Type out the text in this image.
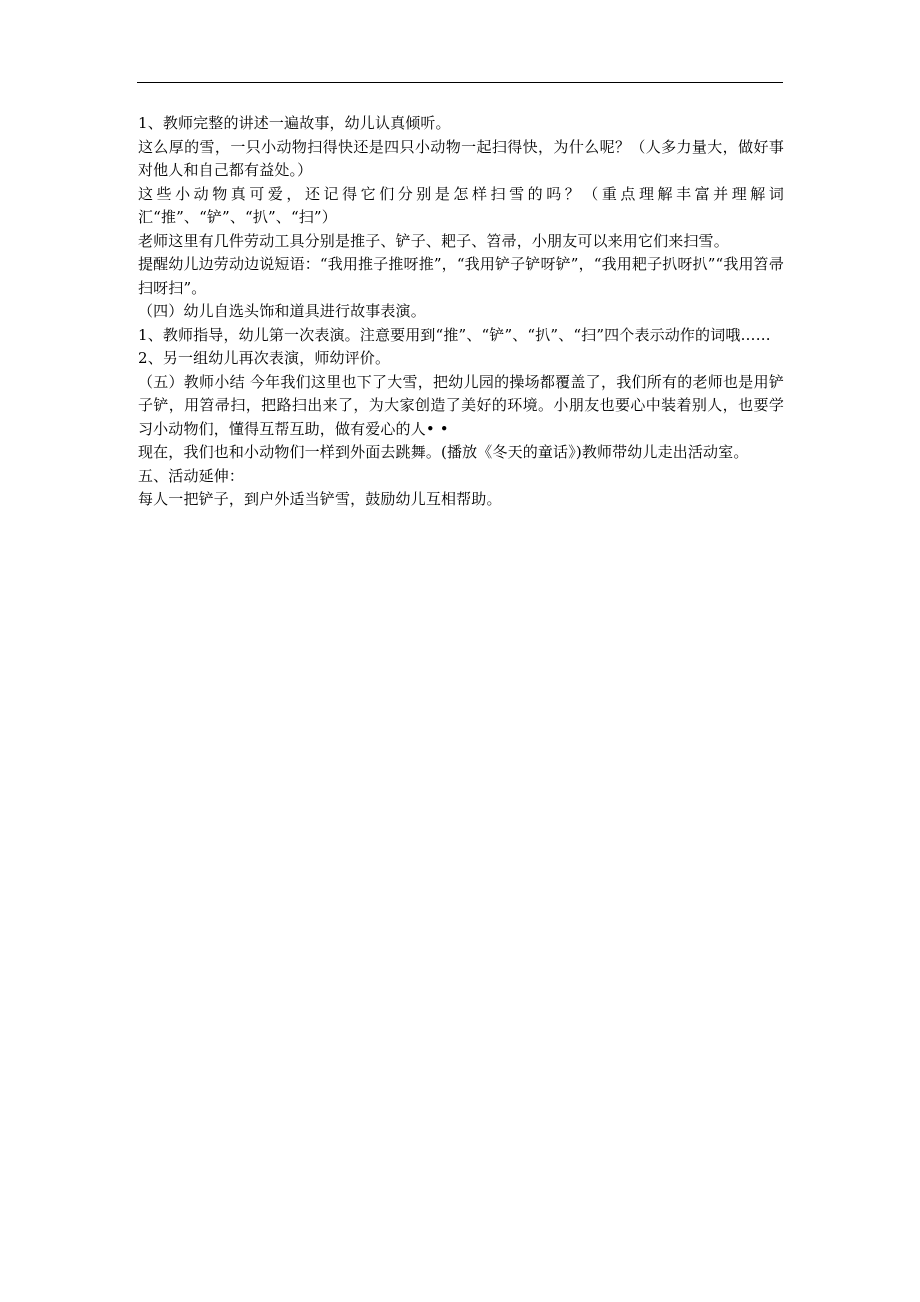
1、教师完整的讲述一遍故事，幼儿认真倾听。

这么厚的雪，一只小动物扫得快还是四只小动物一起扫得快，为什么呢？（人多力量大，做好事对他人和自己都有益处。）

这些小动物真可爱，还记得它们分别是怎样扫雪的吗？（重点理解丰富并理解词汇“推”、“铲”、“扒”、“扫”）

老师这里有几件劳动工具分别是推子、铲子、耙子、笤帚，小朋友可以来用它们来扫雪。

提醒幼儿边劳动边说短语：“我用推子推呀推”，“我用铲子铲呀铲”，“我用耙子扒呀扒”“我用笤帚扫呀扫”。

（四）幼儿自选头饰和道具进行故事表演。

1、教师指导，幼儿第一次表演。注意要用到“推”、“铲”、“扒”、“扫”四个表示动作的词哦……

2、另一组幼儿再次表演，师幼评价。

（五）教师小结 今年我们这里也下了大雪，把幼儿园的操场都覆盖了，我们所有的老师也是用铲子铲，用笤帚扫，把路扫出来了，为大家创造了美好的环境。小朋友也要心中装着别人，也要学习小动物们，懂得互帮互助，做有爱心的人• •

现在，我们也和小动物们一样到外面去跳舞。(播放《冬天的童话》)教师带幼儿走出活动室。

五、活动延伸：

每人一把铲子，到户外适当铲雪，鼓励幼儿互相帮助。
